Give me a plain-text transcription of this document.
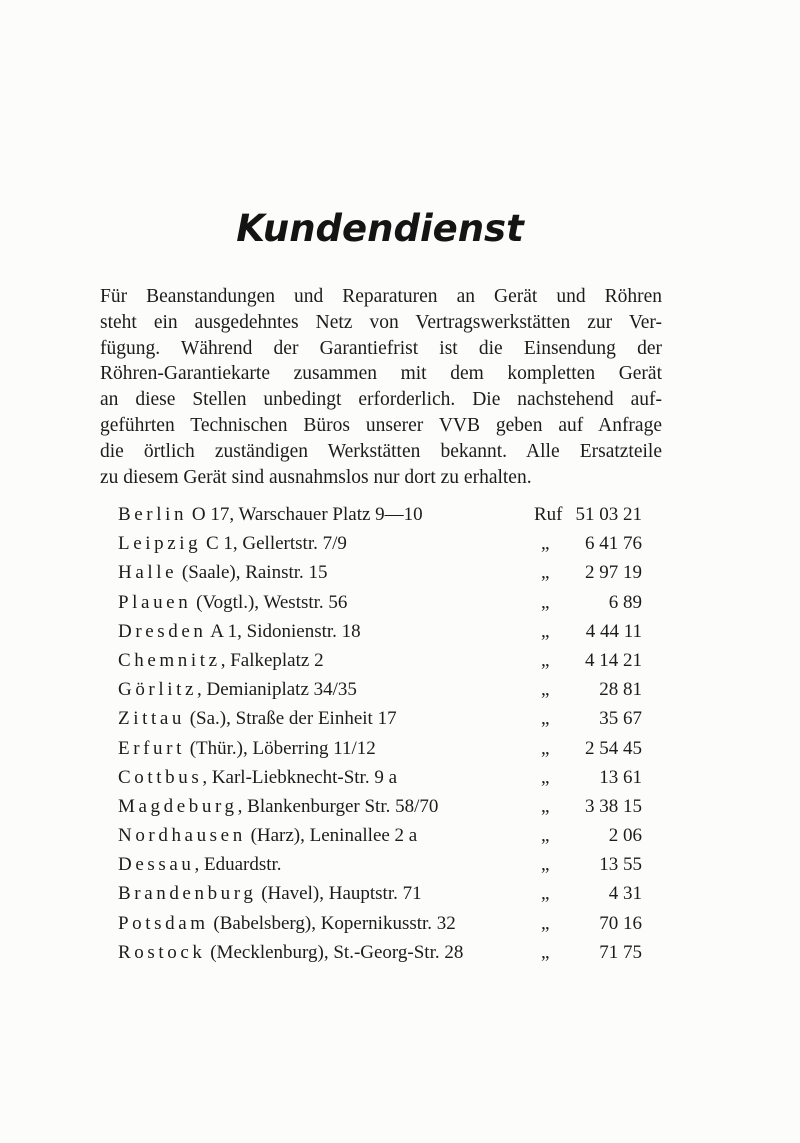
Kundendienst
Für Beanstandungen und Reparaturen an Gerät und Röhren
steht ein ausgedehntes Netz von Vertragswerkstätten zur Ver-
fügung. Während der Garantiefrist ist die Einsendung der
Röhren-Garantiekarte zusammen mit dem kompletten Gerät
an diese Stellen unbedingt erforderlich. Die nachstehend auf-
geführten Technischen Büros unserer VVB geben auf Anfrage
die örtlich zuständigen Werkstätten bekannt. Alle Ersatzteile
zu diesem Gerät sind ausnahmslos nur dort zu erhalten.
Berlin O 17, Warschauer Platz 9—10	Ruf 51 03 21
Leipzig C 1, Gellertstr. 7/9	„ 6 41 76
Halle (Saale), Rainstr. 15	„ 2 97 19
Plauen (Vogtl.), Weststr. 56	„	6 89
Dresden A 1, Sidonienstr. 18	„ 4 44 11
Chemnitz, Falkeplatz 2	„ 4 14 21
Görlitz, Demianiplatz 34/35	„	28 81
Zittau (Sa.), Straße der Einheit 17	„	35 67
Erfurt (Thür.), Löberring 11/12	„ 2 54 45
Cottbus, Karl-Liebknecht-Str. 9 a	„	13 61
Magdeburg, Blankenburger Str. 58/70	„ 3 38 15
Nordhausen (Harz), Leninallee 2 a	„	2 06
Dessau, Eduardstr.	„	13 55
Brandenburg (Havel), Hauptstr. 71	„	4 31
Potsdam (Babelsberg), Kopernikusstr. 32	„	70 16
Rostock (Mecklenburg), St.-Georg-Str. 28	„	71 75
